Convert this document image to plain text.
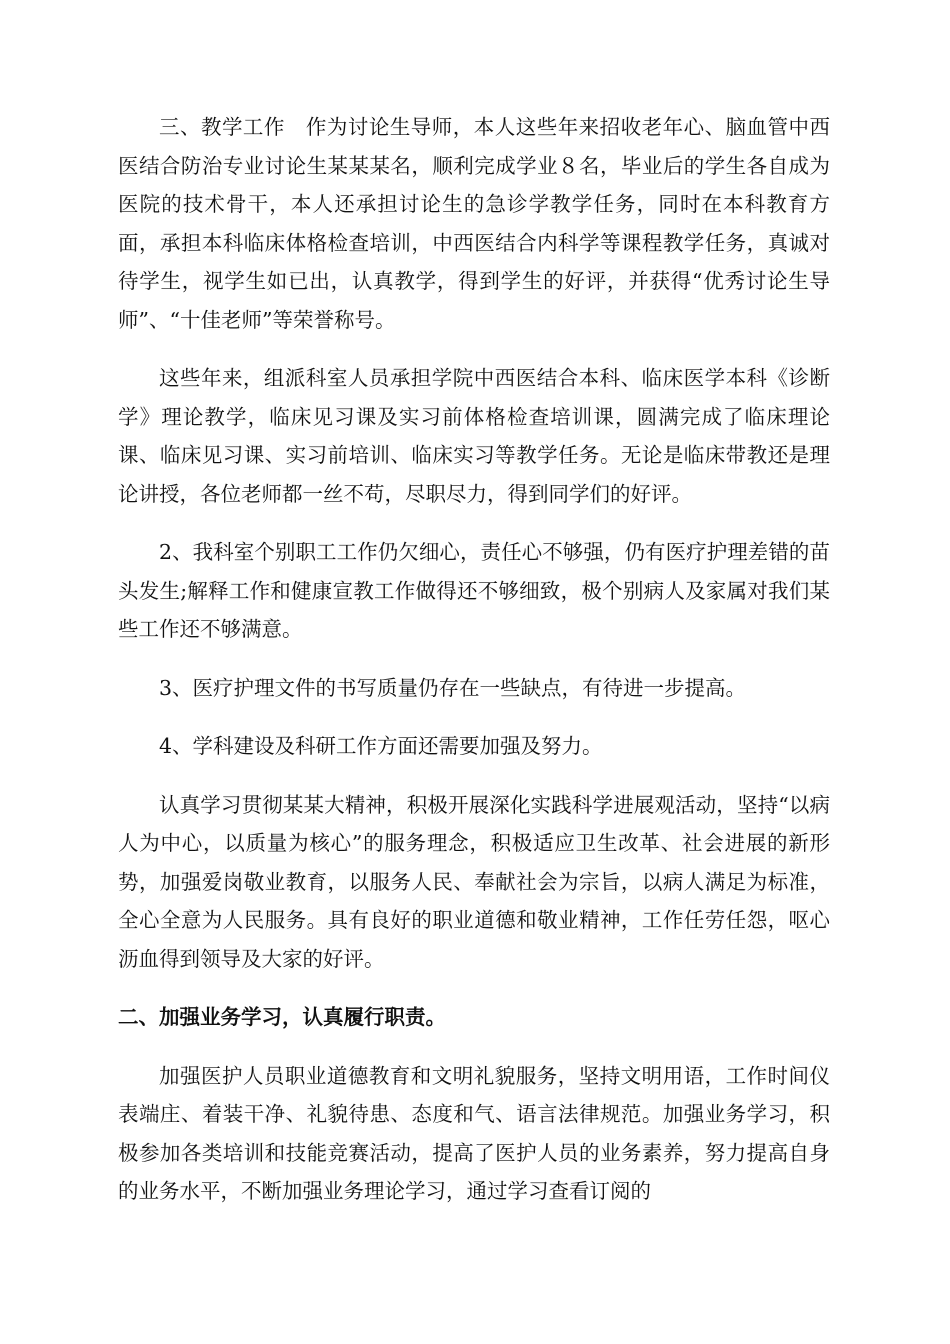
三、教学工作　作为讨论生导师，本人这些年来招收老年心、脑血管中西医结合防治专业讨论生某某某名，顺利完成学业８名，毕业后的学生各自成为医院的技术骨干，本人还承担讨论生的急诊学教学任务，同时在本科教育方面，承担本科临床体格检查培训，中西医结合内科学等课程教学任务，真诚对待学生，视学生如已出，认真教学，得到学生的好评，并获得“优秀讨论生导师”、“十佳老师”等荣誉称号。

这些年来，组派科室人员承担学院中西医结合本科、临床医学本科《诊断学》理论教学，临床见习课及实习前体格检查培训课，圆满完成了临床理论课、临床见习课、实习前培训、临床实习等教学任务。无论是临床带教还是理论讲授，各位老师都一丝不苟，尽职尽力，得到同学们的好评。

2、我科室个别职工工作仍欠细心，责任心不够强，仍有医疗护理差错的苗头发生;解释工作和健康宣教工作做得还不够细致，极个别病人及家属对我们某些工作还不够满意。

3、医疗护理文件的书写质量仍存在一些缺点，有待进一步提高。

4、学科建设及科研工作方面还需要加强及努力。

认真学习贯彻某某大精神，积极开展深化实践科学进展观活动，坚持“以病人为中心，以质量为核心”的服务理念，积极适应卫生改革、社会进展的新形势，加强爱岗敬业教育，以服务人民、奉献社会为宗旨，以病人满足为标准，全心全意为人民服务。具有良好的职业道德和敬业精神，工作任劳任怨，呕心沥血得到领导及大家的好评。

二、加强业务学习，认真履行职责。

加强医护人员职业道德教育和文明礼貌服务，坚持文明用语，工作时间仪表端庄、着装干净、礼貌待患、态度和气、语言法律规范。加强业务学习，积极参加各类培训和技能竞赛活动，提高了医护人员的业务素养，努力提高自身的业务水平，不断加强业务理论学习，通过学习查看订阅的
